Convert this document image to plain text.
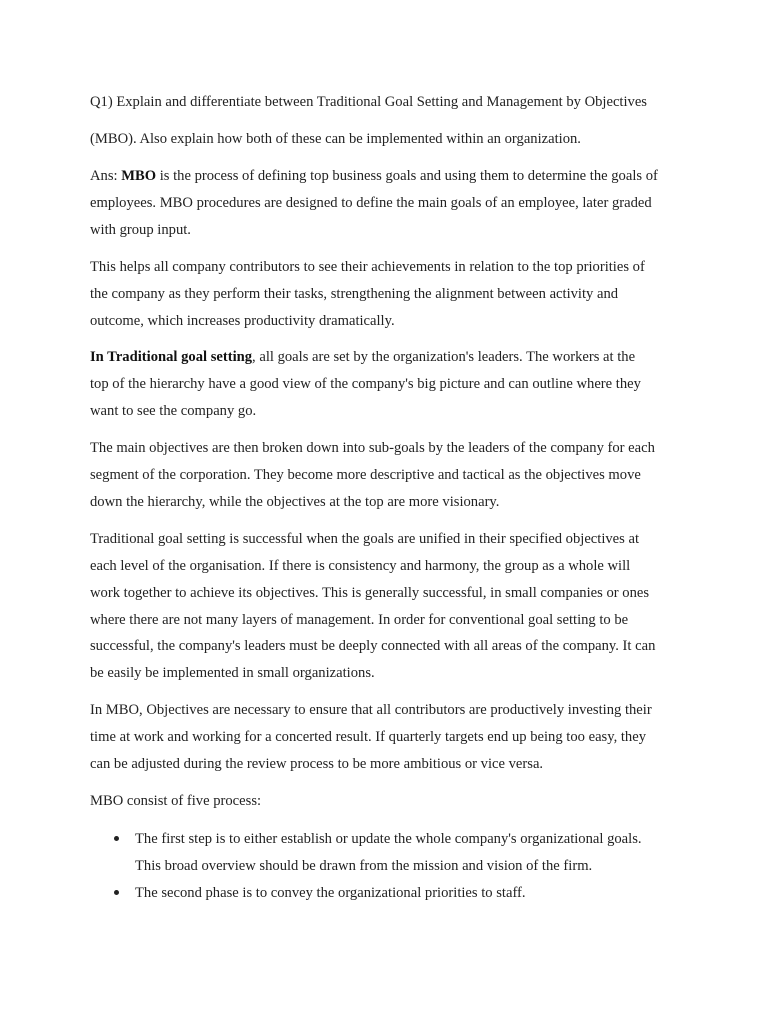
Q1) Explain and differentiate between Traditional Goal Setting and Management by Objectives
(MBO). Also explain how both of these can be implemented within an organization.
Ans: MBO is the process of defining top business goals and using them to determine the goals of
employees. MBO procedures are designed to define the main goals of an employee, later graded
with group input.
This helps all company contributors to see their achievements in relation to the top priorities of
the company as they perform their tasks, strengthening the alignment between activity and
outcome, which increases productivity dramatically.
In Traditional goal setting, all goals are set by the organization's leaders. The workers at the
top of the hierarchy have a good view of the company's big picture and can outline where they
want to see the company go.
The main objectives are then broken down into sub-goals by the leaders of the company for each
segment of the corporation. They become more descriptive and tactical as the objectives move
down the hierarchy, while the objectives at the top are more visionary.
Traditional goal setting is successful when the goals are unified in their specified objectives at
each level of the organisation. If there is consistency and harmony, the group as a whole will
work together to achieve its objectives. This is generally successful, in small companies or ones
where there are not many layers of management. In order for conventional goal setting to be
successful, the company's leaders must be deeply connected with all areas of the company. It can
be easily be implemented in small organizations.
In MBO, Objectives are necessary to ensure that all contributors are productively investing their
time at work and working for a concerted result. If quarterly targets end up being too easy, they
can be adjusted during the review process to be more ambitious or vice versa.
MBO consist of five process:
The first step is to either establish or update the whole company's organizational goals.
This broad overview should be drawn from the mission and vision of the firm.
The second phase is to convey the organizational priorities to staff.
